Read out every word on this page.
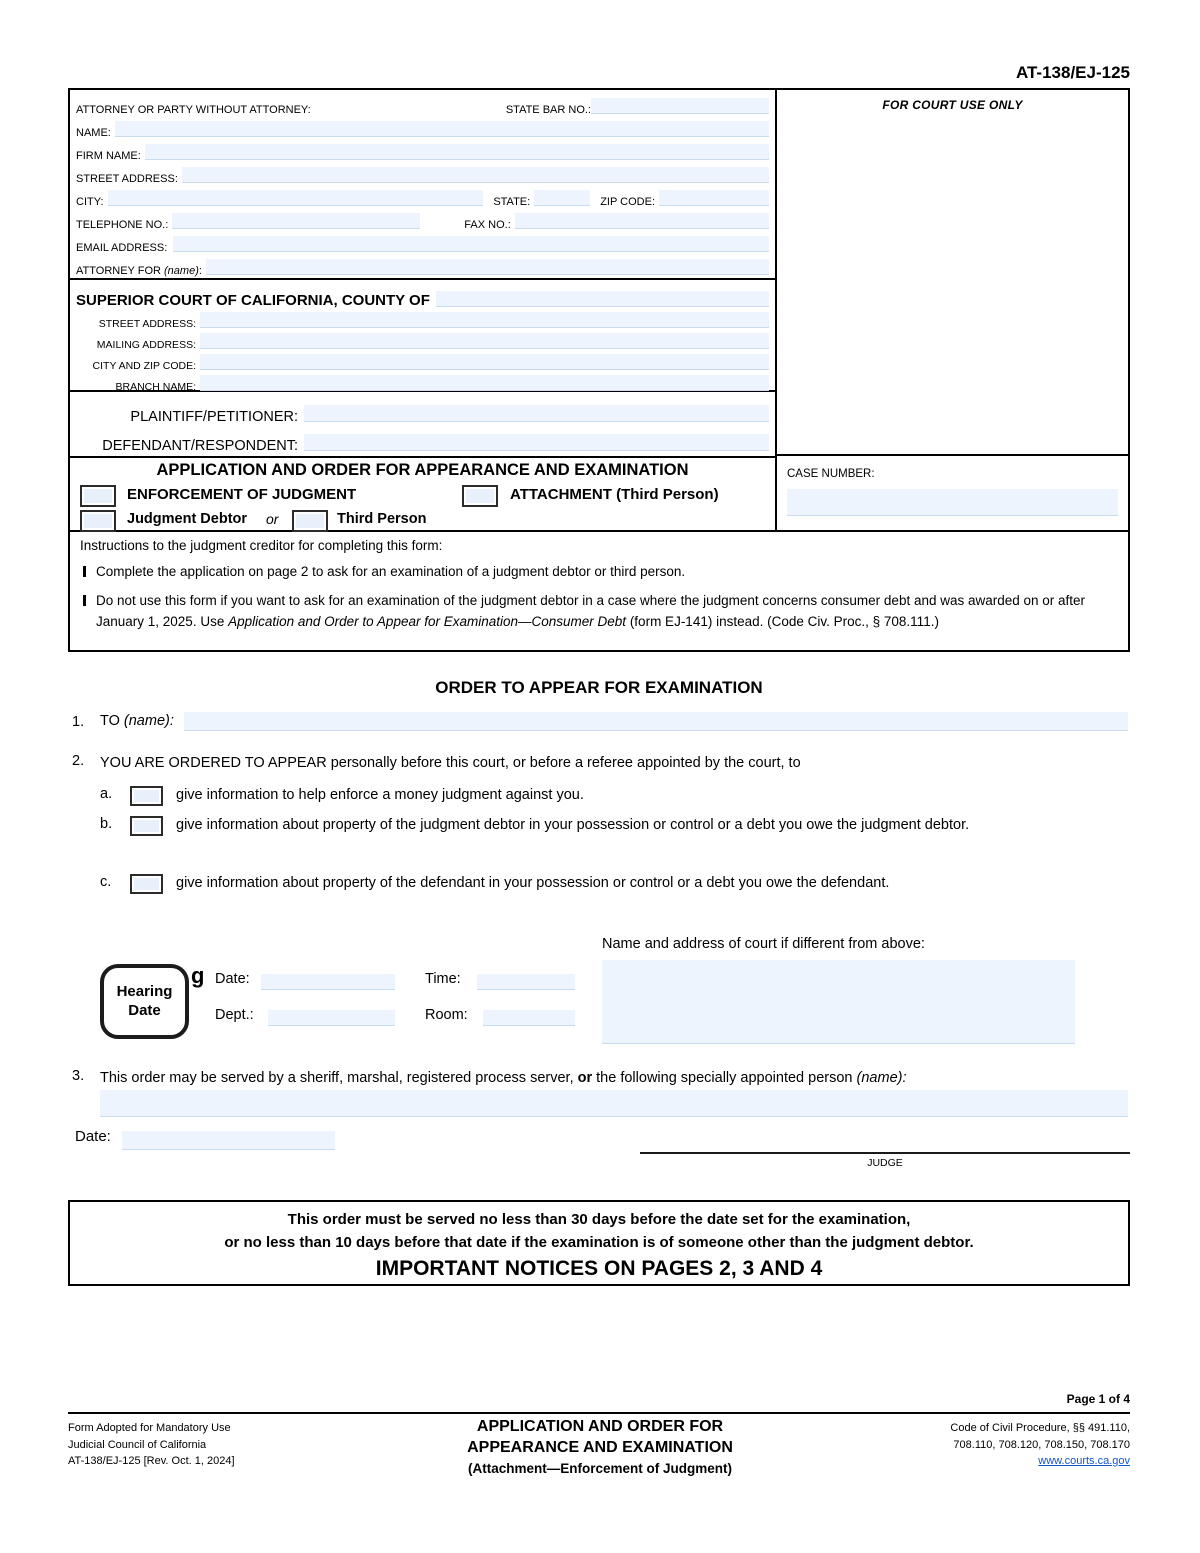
AT-138/EJ-125
ATTORNEY OR PARTY WITHOUT ATTORNEY:	STATE BAR NO.:
NAME:
FIRM NAME:
STREET ADDRESS:
CITY:	STATE:	ZIP CODE:
TELEPHONE NO.:	FAX NO.:
EMAIL ADDRESS:
ATTORNEY FOR (name):
SUPERIOR COURT OF CALIFORNIA, COUNTY OF
STREET ADDRESS:
MAILING ADDRESS:
CITY AND ZIP CODE:
BRANCH NAME:
PLAINTIFF/PETITIONER:
DEFENDANT/RESPONDENT:
APPLICATION AND ORDER FOR APPEARANCE AND EXAMINATION
ENFORCEMENT OF JUDGMENT	ATTACHMENT (Third Person)
Judgment Debtor or	Third Person
FOR COURT USE ONLY
CASE NUMBER:
Instructions to the judgment creditor for completing this form:
Complete the application on page 2 to ask for an examination of a judgment debtor or third person.
Do not use this form if you want to ask for an examination of the judgment debtor in a case where the judgment concerns consumer debt and was awarded on or after January 1, 2025. Use Application and Order to Appear for Examination—Consumer Debt (form EJ-141) instead. (Code Civ. Proc., § 708.111.)
ORDER TO APPEAR FOR EXAMINATION
1.	TO (name):
2.	YOU ARE ORDERED TO APPEAR personally before this court, or before a referee appointed by the court, to
a.	give information to help enforce a money judgment against you.
b.	give information about property of the judgment debtor in your possession or control or a debt you owe the judgment debtor.
c.	give information about property of the defendant in your possession or control or a debt you owe the defendant.
Name and address of court if different from above:
Hearing
Date
g Date:	Time:
Dept.:	Room:
3.	This order may be served by a sheriff, marshal, registered process server, or the following specially appointed person (name):
Date:
JUDGE
This order must be served no less than 30 days before the date set for the examination,
or no less than 10 days before that date if the examination is of someone other than the judgment debtor.
IMPORTANT NOTICES ON PAGES 2, 3 AND 4
Page 1 of 4
Form Adopted for Mandatory Use
Judicial Council of California
AT-138/EJ-125 [Rev. Oct. 1, 2024]
APPLICATION AND ORDER FOR
APPEARANCE AND EXAMINATION
(Attachment—Enforcement of Judgment)
Code of Civil Procedure, §§ 491.110,
708.110, 708.120, 708.150, 708.170
www.courts.ca.gov
